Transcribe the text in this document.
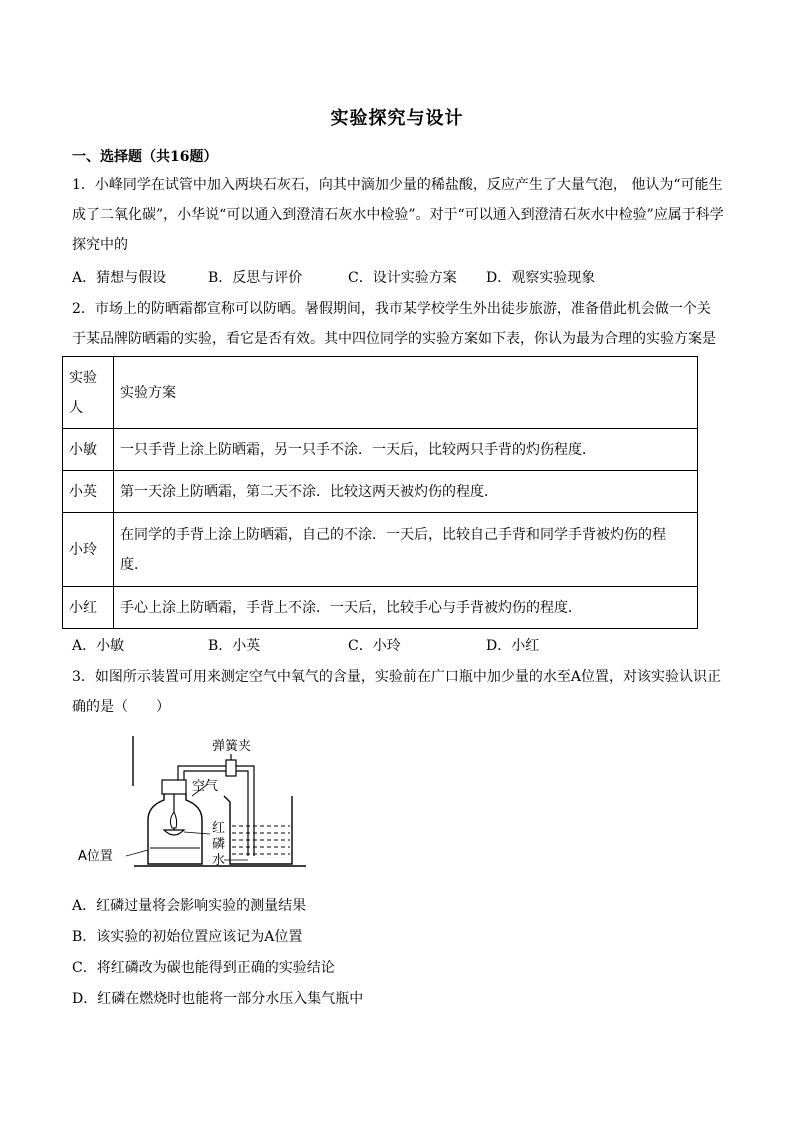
实验探究与设计
一、选择题（共16题）
1．小峰同学在试管中加入两块石灰石，向其中滴加少量的稀盐酸，反应产生了大量气泡， 他认为“可能生成了二氧化碳”，小华说“可以通入到澄清石灰水中检验”。对于“可以通入到澄清石灰水中检验”应属于科学探究中的
A．猜想与假设	B．反思与评价	C．设计实验方案 D．观察实验现象
2．市场上的防晒霜都宣称可以防晒。暑假期间，我市某学校学生外出徒步旅游，准备借此机会做一个关于某品牌防晒霜的实验，看它是否有效。其中四位同学的实验方案如下表，你认为最为合理的实验方案是
实验人	实验方案
小敏	一只手背上涂上防晒霜，另一只手不涂．一天后，比较两只手背的灼伤程度．
小英	第一天涂上防晒霜，第二天不涂．比较这两天被灼伤的程度．
小玲	在同学的手背上涂上防晒霜，自己的不涂．一天后，比较自己手背和同学手背被灼伤的程度．
小红	手心上涂上防晒霜，手背上不涂．一天后，比较手心与手背被灼伤的程度．
A．小敏	B．小英	C．小玲	D．小红
3．如图所示装置可用来测定空气中氧气的含量，实验前在广口瓶中加少量的水至A位置，对该实验认识正确的是（　　）
弹簧夹
空气
红
磷
水
A位置
A．红磷过量将会影响实验的测量结果
B．该实验的初始位置应该记为A位置
C．将红磷改为碳也能得到正确的实验结论
D．红磷在燃烧时也能将一部分水压入集气瓶中
